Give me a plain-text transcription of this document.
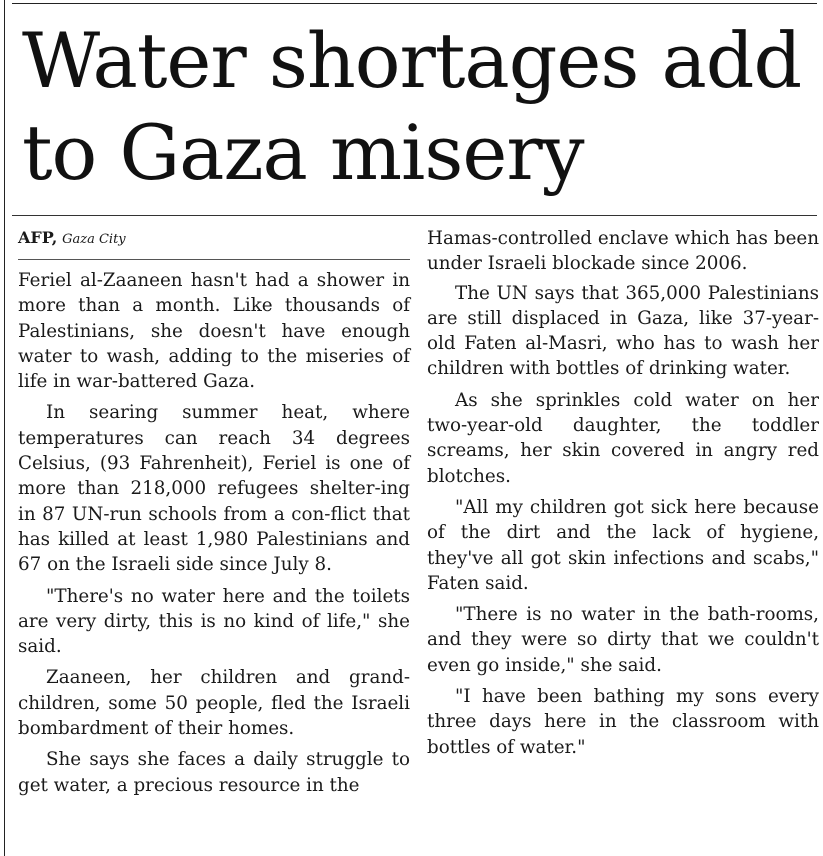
Water shortages add
to Gaza misery
AFP, Gaza City

Feriel al-Zaaneen hasn't had a shower in more than a month. Like thousands of Palestinians, she doesn't have enough water to wash, adding to the miseries of life in war-battered Gaza.

In searing summer heat, where temperatures can reach 34 degrees Celsius, (93 Fahrenheit), Feriel is one of more than 218,000 refugees shelter-ing in 87 UN-run schools from a con-flict that has killed at least 1,980 Palestinians and 67 on the Israeli side since July 8.

"There's no water here and the toilets are very dirty, this is no kind of life," she said.

Zaaneen, her children and grand-children, some 50 people, fled the Israeli bombardment of their homes.

She says she faces a daily struggle to get water, a precious resource in the

Hamas-controlled enclave which has been under Israeli blockade since 2006.

The UN says that 365,000 Palestinians are still displaced in Gaza, like 37-year-old Faten al-Masri, who has to wash her children with bottles of drinking water.

As she sprinkles cold water on her two-year-old daughter, the toddler screams, her skin covered in angry red blotches.

"All my children got sick here because of the dirt and the lack of hygiene, they've all got skin infections and scabs," Faten said.

"There is no water in the bath-rooms, and they were so dirty that we couldn't even go inside," she said.

"I have been bathing my sons every three days here in the classroom with bottles of water."
